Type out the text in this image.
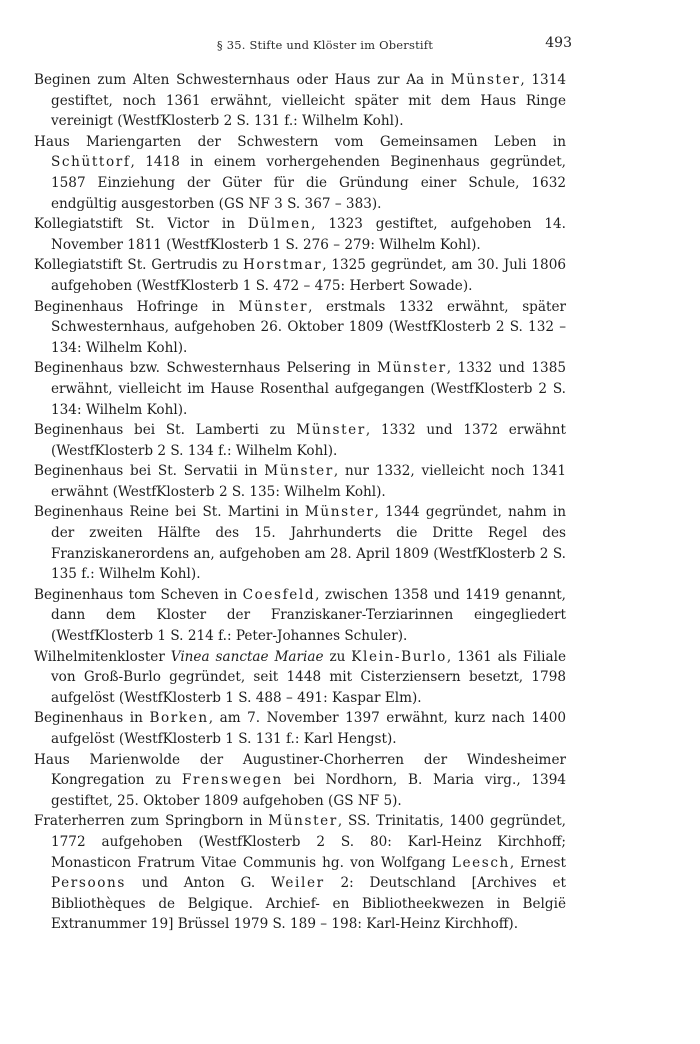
§ 35. Stifte und Klöster im Oberstift	493

Beginen zum Alten Schwesternhaus oder Haus zur Aa in Münster, 1314 gestiftet, noch 1361 erwähnt, vielleicht später mit dem Haus Ringe vereinigt (WestfKlosterb 2 S. 131 f.: Wilhelm Kohl).

Haus Mariengarten der Schwestern vom Gemeinsamen Leben in Schüttorf, 1418 in einem vorhergehenden Beginenhaus gegründet, 1587 Einziehung der Güter für die Gründung einer Schule, 1632 endgültig ausgestorben (GS NF 3 S. 367 – 383).

Kollegiatstift St. Victor in Dülmen, 1323 gestiftet, aufgehoben 14. November 1811 (WestfKlosterb 1 S. 276 – 279: Wilhelm Kohl).

Kollegiatstift St. Gertrudis zu Horstmar, 1325 gegründet, am 30. Juli 1806 aufgehoben (WestfKlosterb 1 S. 472 – 475: Herbert Sowade).

Beginenhaus Hofringe in Münster, erstmals 1332 erwähnt, später Schwesternhaus, aufgehoben 26. Oktober 1809 (WestfKlosterb 2 S. 132 – 134: Wilhelm Kohl).

Beginenhaus bzw. Schwesternhaus Pelsering in Münster, 1332 und 1385 erwähnt, vielleicht im Hause Rosenthal aufgegangen (WestfKlosterb 2 S. 134: Wilhelm Kohl).

Beginenhaus bei St. Lamberti zu Münster, 1332 und 1372 erwähnt (WestfKlosterb 2 S. 134 f.: Wilhelm Kohl).

Beginenhaus bei St. Servatii in Münster, nur 1332, vielleicht noch 1341 erwähnt (WestfKlosterb 2 S. 135: Wilhelm Kohl).

Beginenhaus Reine bei St. Martini in Münster, 1344 gegründet, nahm in der zweiten Hälfte des 15. Jahrhunderts die Dritte Regel des Franziskanerordens an, aufgehoben am 28. April 1809 (WestfKlosterb 2 S. 135 f.: Wilhelm Kohl).

Beginenhaus tom Scheven in Coesfeld, zwischen 1358 und 1419 genannt, dann dem Kloster der Franziskaner-Terziarinnen eingegliedert (WestfKlosterb 1 S. 214 f.: Peter-Johannes Schuler).

Wilhelmitenkloster Vinea sanctae Mariae zu Klein-Burlo, 1361 als Filiale von Groß-Burlo gegründet, seit 1448 mit Cisterziensern besetzt, 1798 aufgelöst (WestfKlosterb 1 S. 488 – 491: Kaspar Elm).

Beginenhaus in Borken, am 7. November 1397 erwähnt, kurz nach 1400 aufgelöst (WestfKlosterb 1 S. 131 f.: Karl Hengst).

Haus Marienwolde der Augustiner-Chorherren der Windesheimer Kongregation zu Frenswegen bei Nordhorn, B. Maria virg., 1394 gestiftet, 25. Oktober 1809 aufgehoben (GS NF 5).

Fraterherren zum Springborn in Münster, SS. Trinitatis, 1400 gegründet, 1772 aufgehoben (WestfKlosterb 2 S. 80: Karl-Heinz Kirchhoff; Monasticon Fratrum Vitae Communis hg. von Wolfgang Leesch, Ernest Persoons und Anton G. Weiler 2: Deutschland [Archives et Bibliothèques de Belgique. Archief- en Bibliotheekwezen in België Extranummer 19] Brüssel 1979 S. 189 – 198: Karl-Heinz Kirchhoff).
